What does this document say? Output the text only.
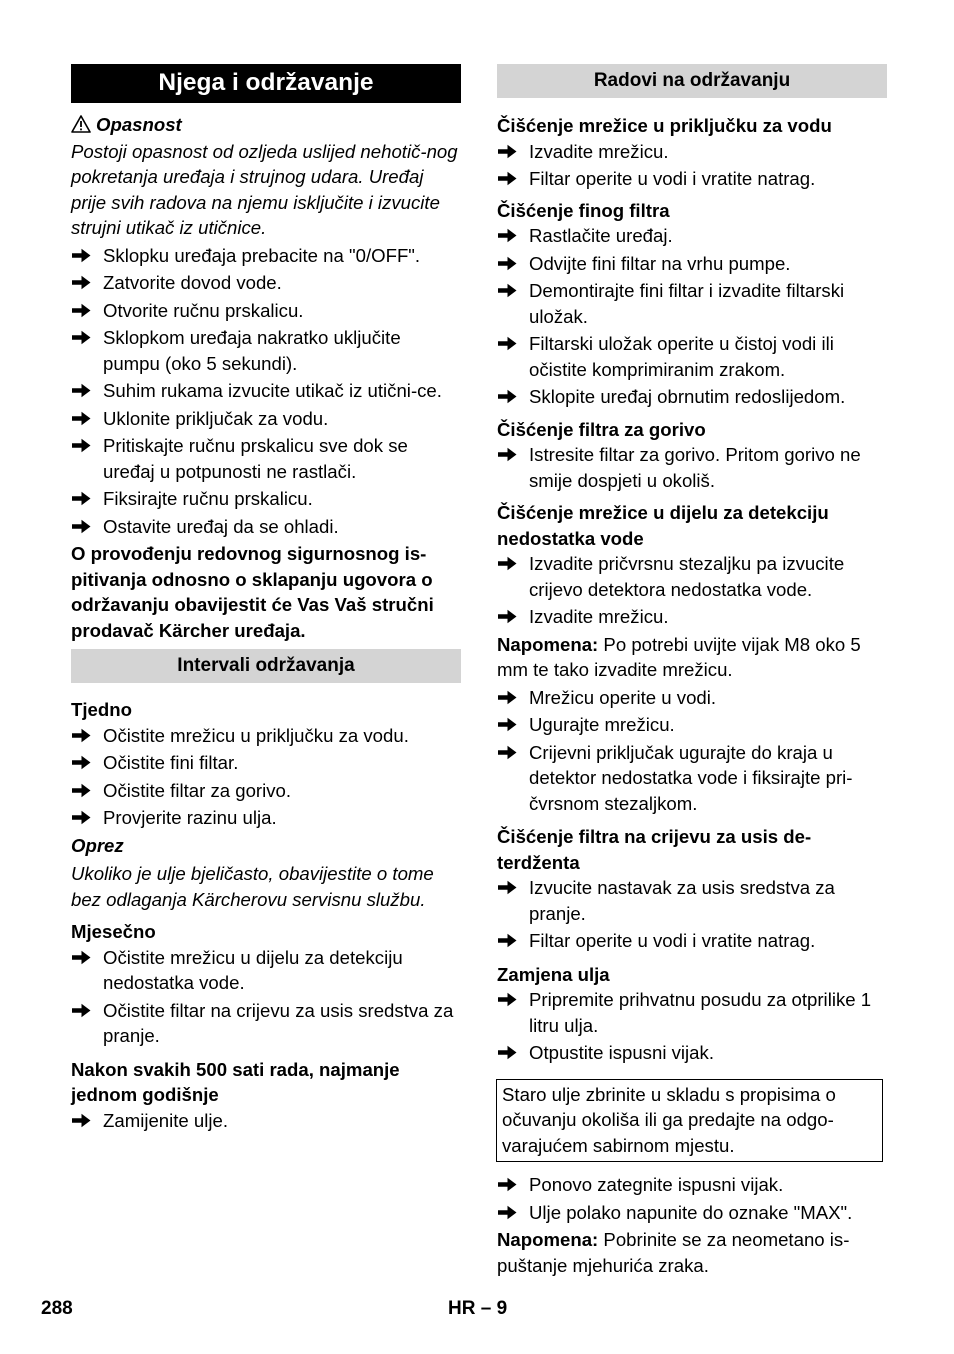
Njega i održavanje

Opasnost

Postoji opasnost od ozljeda uslijed nehotič-nog pokretanja uređaja i strujnog udara. Uređaj prije svih radova na njemu isključite i izvucite strujni utikač iz utičnice.

Sklopku uređaja prebacite na "0/OFF".
Zatvorite dovod vode.
Otvorite ručnu prskalicu.
Sklopkom uređaja nakratko uključite pumpu (oko 5 sekundi).
Suhim rukama izvucite utikač iz utični-ce.
Uklonite priključak za vodu.
Pritiskajte ručnu prskalicu sve dok se uređaj u potpunosti ne rastlači.
Fiksirajte ručnu prskalicu.
Ostavite uređaj da se ohladi.

O provođenju redovnog sigurnosnog is-pitivanja odnosno o sklapanju ugovora o održavanju obavijestit će Vas Vaš stručni prodavač Kärcher uređaja.

Intervali održavanja

Tjedno

Očistite mrežicu u priključku za vodu.
Očistite fini filtar.
Očistite filtar za gorivo.
Provjerite razinu ulja.

Oprez

Ukoliko je ulje bjeličasto, obavijestite o tome bez odlaganja Kärcherovu servisnu službu.

Mjesečno

Očistite mrežicu u dijelu za detekciju nedostatka vode.
Očistite filtar na crijevu za usis sredstva za pranje.

Nakon svakih 500 sati rada, najmanje jednom godišnje

Zamijenite ulje.
Radovi na održavanju

Čišćenje mrežice u priključku za vodu

Izvadite mrežicu.
Filtar operite u vodi i vratite natrag.

Čišćenje finog filtra

Rastlačite uređaj.
Odvijte fini filtar na vrhu pumpe.
Demontirajte fini filtar i izvadite filtarski uložak.
Filtarski uložak operite u čistoj vodi ili očistite komprimiranim zrakom.
Sklopite uređaj obrnutim redoslijedom.

Čišćenje filtra za gorivo

Istresite filtar za gorivo. Pritom gorivo ne smije dospjeti u okoliš.

Čišćenje mrežice u dijelu za detekciju nedostatka vode

Izvadite pričvrsnu stezaljku pa izvucite crijevo detektora nedostatka vode.
Izvadite mrežicu.

Napomena: Po potrebi uvijte vijak M8 oko 5 mm te tako izvadite mrežicu.

Mrežicu operite u vodi.
Ugurajte mrežicu.
Crijevni priključak ugurajte do kraja u detektor nedostatka vode i fiksirajte pri-čvrsnom stezaljkom.

Čišćenje filtra na crijevu za usis de-terdženta

Izvucite nastavak za usis sredstva za pranje.
Filtar operite u vodi i vratite natrag.

Zamjena ulja

Pripremite prihvatnu posudu za otprilike 1 litru ulja.
Otpustite ispusni vijak.
Staro ulje zbrinite u skladu s propisima o očuvanju okoliša ili ga predajte na odgo-varajućem sabirnom mjestu.
Ponovo zategnite ispusni vijak.
Ulje polako napunite do oznake "MAX".

Napomena: Pobrinite se za neometano is-puštanje mjehurića zraka.

288	HR – 9
